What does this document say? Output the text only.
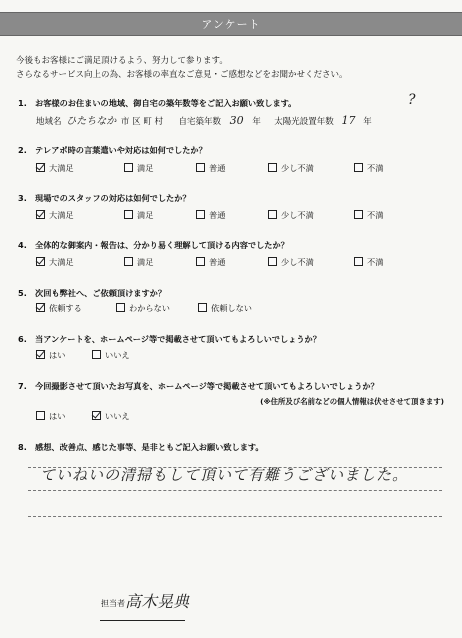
アンケート
今後もお客様にご満足頂けるよう、努力して参ります。
さらなるサービス向上の為、お客様の率直なご意見・ご感想などをお聞かせください。
1. お客様のお住まいの地域、御自宅の築年数等をご記入お願い致します。	?
地域名 ひたちなか 市 区 町 村 自宅築年数 30 年 太陽光設置年数 17 年
2. テレアポ時の言葉遣いや対応は如何でしたか？
大満足	満足	普通	少し不満	不満
3. 現場でのスタッフの対応は如何でしたか？
大満足	満足	普通	少し不満	不満
4. 全体的な御案内・報告は、分かり易く理解して頂ける内容でしたか？
大満足	満足	普通	少し不満	不満
5. 次回も弊社へ、ご依頼頂けますか？
依頼する	わからない	依頼しない
6. 当アンケートを、ホームページ等で掲載させて頂いてもよろしいでしょうか？
はい	いいえ
7. 今回撮影させて頂いたお写真を、ホームページ等で掲載させて頂いてもよろしいでしょうか？
(※住所及び名前などの個人情報は伏せさせて頂きます)
はい	いいえ
8. 感想、改善点、感じた事等、是非ともご記入お願い致します。
ていねいの清掃もして頂いて有難うございました。
担当者 高木晃典
